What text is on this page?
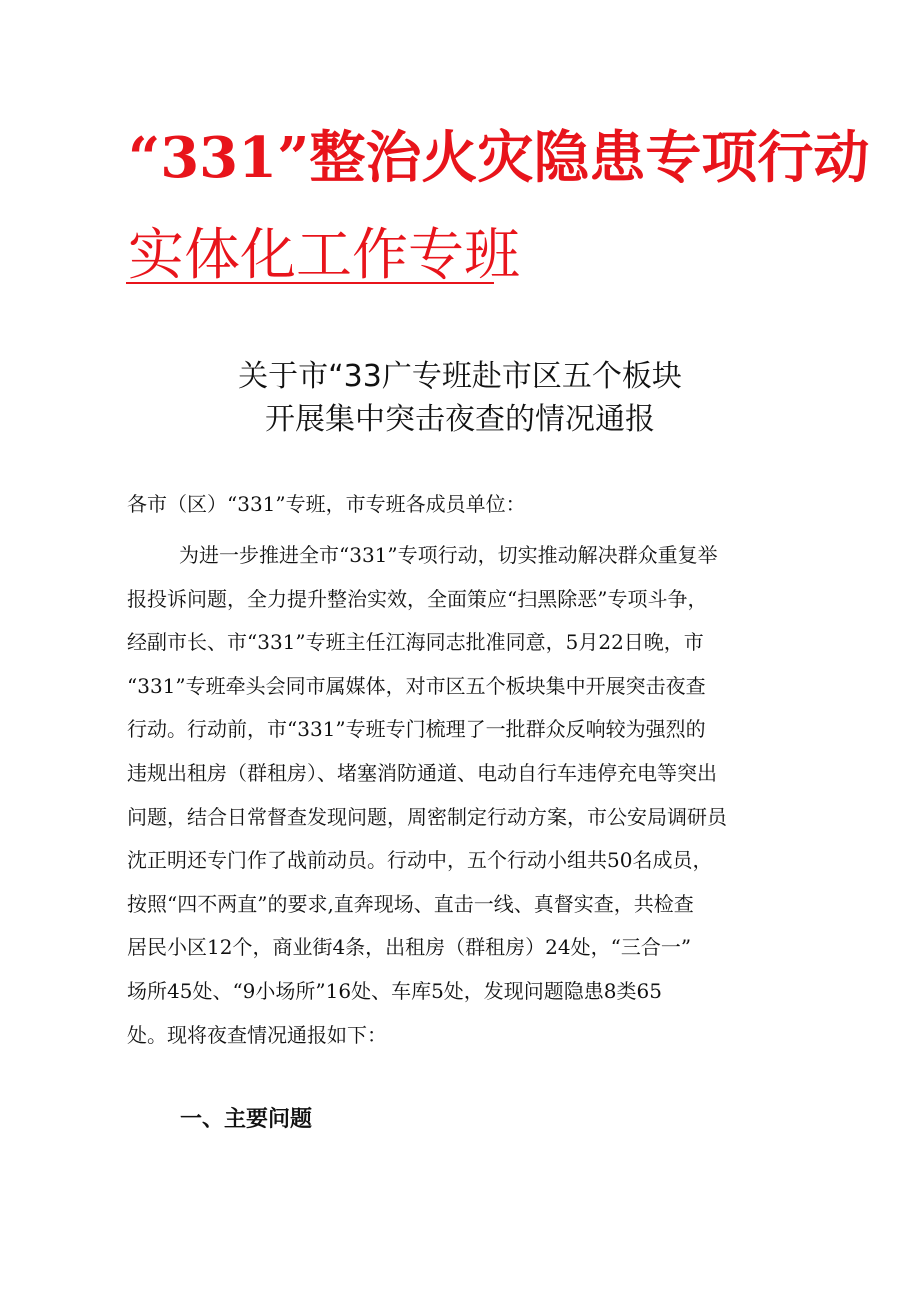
“331”整治火灾隐患专项行动
实体化工作专班
关于市“33广专班赴市区五个板块
开展集中突击夜查的情况通报
各市（区）“331”专班，市专班各成员单位：
为进一步推进全市“331”专项行动，切实推动解决群众重复举
报投诉问题，全力提升整治实效，全面策应“扫黑除恶”专项斗争，
经副市长、市“331”专班主任江海同志批准同意，5月22日晚，市
“331”专班牵头会同市属媒体，对市区五个板块集中开展突击夜查
行动。行动前，市“331”专班专门梳理了一批群众反响较为强烈的
违规出租房（群租房）、堵塞消防通道、电动自行车违停充电等突出
问题，结合日常督查发现问题，周密制定行动方案，市公安局调研员
沈正明还专门作了战前动员。行动中，五个行动小组共50名成员，
按照“四不两直”的要求,直奔现场、直击一线、真督实查，共检查
居民小区12个，商业街4条，出租房（群租房）24处，“三合一”
场所45处、“9小场所”16处、车库5处，发现问题隐患8类65
处。现将夜查情况通报如下：
一、主要问题
